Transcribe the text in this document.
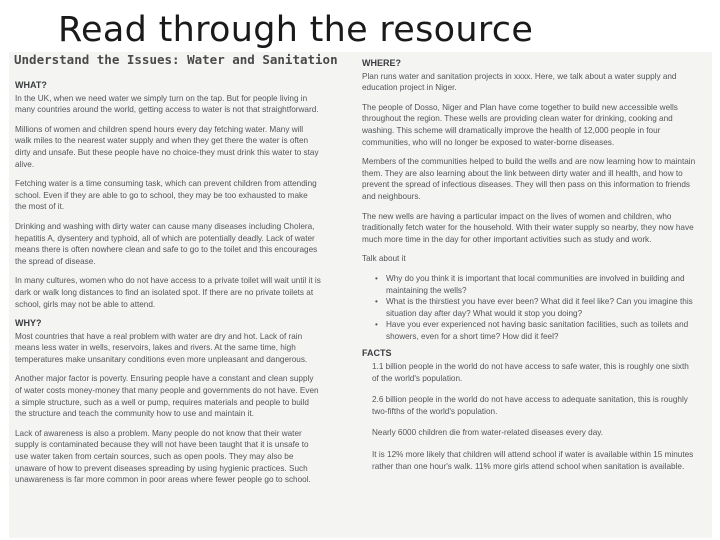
Read through the resource
Understand the Issues: Water and Sanitation
WHAT?

In the UK, when we need water we simply turn on the tap. But for people living in many countries around the world, getting access to water is not that straightforward.

Millions of women and children spend hours every day fetching water. Many will walk miles to the nearest water supply and when they get there the water is often dirty and unsafe. But these people have no choice-they must drink this water to stay alive.

Fetching water is a time consuming task, which can prevent children from attending school. Even if they are able to go to school, they may be too exhausted to make the most of it.

Drinking and washing with dirty water can cause many diseases including Cholera, hepatitis A, dysentery and typhoid, all of which are potentially deadly. Lack of water means there is often nowhere clean and safe to go to the toilet and this encourages the spread of disease.

In many cultures, women who do not have access to a private toilet will wait until it is dark or walk long distances to find an isolated spot. If there are no private toilets at school, girls may not be able to attend.

WHY?

Most countries that have a real problem with water are dry and hot. Lack of rain means less water in wells, reservoirs, lakes and rivers. At the same time, high temperatures make unsanitary conditions even more unpleasant and dangerous.

Another major factor is poverty. Ensuring people have a constant and clean supply of water costs money-money that many people and governments do not have. Even a simple structure, such as a well or pump, requires materials and people to build the structure and teach the community how to use and maintain it.

Lack of awareness is also a problem. Many people do not know that their water supply is contaminated because they will not have been taught that it is unsafe to use water taken from certain sources, such as open pools. They may also be unaware of how to prevent diseases spreading by using hygienic practices. Such unawareness is far more common in poor areas where fewer people go to school.

WHERE?

Plan runs water and sanitation projects in xxxx. Here, we talk about a water supply and education project in Niger.

The people of Dosso, Niger and Plan have come together to build new accessible wells throughout the region. These wells are providing clean water for drinking, cooking and washing. This scheme will dramatically improve the health of 12,000 people in four communities, who will no longer be exposed to water-borne diseases.

Members of the communities helped to build the wells and are now learning how to maintain them. They are also learning about the link between dirty water and ill health, and how to prevent the spread of infectious diseases. They will then pass on this information to friends and neighbours.

The new wells are having a particular impact on the lives of women and children, who traditionally fetch water for the household. With their water supply so nearby, they now have much more time in the day for other important activities such as study and work.

Talk about it

• Why do you think it is important that local communities are involved in building and maintaining the wells?
• What is the thirstiest you have ever been? What did it feel like? Can you imagine this situation day after day? What would it stop you doing?
• Have you ever experienced not having basic sanitation facilities, such as toilets and showers, even for a short time? How did it feel?
FACTS

1.1 billion people in the world do not have access to safe water, this is roughly one sixth of the world's population.

2.6 billion people in the world do not have access to adequate sanitation, this is roughly two-fifths of the world's population.

Nearly 6000 children die from water-related diseases every day.

It is 12% more likely that children will attend school if water is available within 15 minutes rather than one hour's walk. 11% more girls attend school when sanitation is available.
